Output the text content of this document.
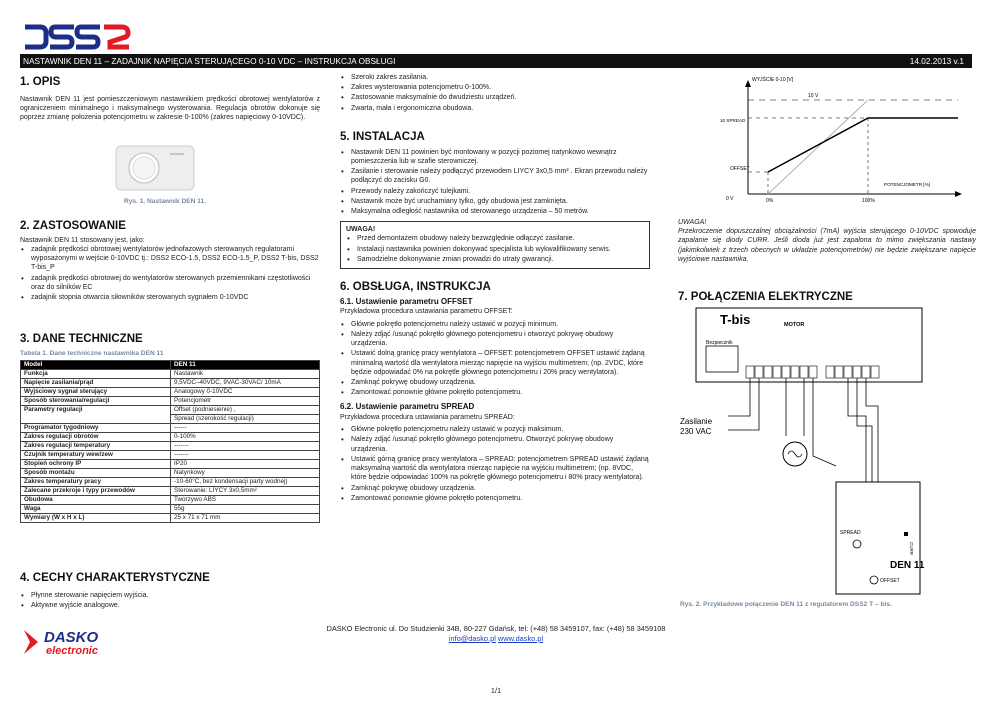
DSS2
NASTAWNIK DEN 11 – ZADAJNIK NAPIĘCIA STERUJĄCEGO 0-10 VDC – INSTRUKCJA OBSŁUGI	14.02.2013 v.1
1. OPIS

Nastawnik DEN 11 jest pomieszczeniowym nastawnikiem prędkości obrotowej wentylatorów z ograniczeniem minimalnego i maksymalnego wysterowania. Regulacja obrotów dokonuje się poprzez zmianę położenia potencjometru w zakresie 0-100% (zakres napięciowy 0-10VDC).

Rys. 1. Nastawnik DEN 11.
2. ZASTOSOWANIE

Nastawnik DEN 11 stosowany jest, jako:

• zadajnik prędkości obrotowej wentylatorów jednofazowych sterowanych regulatorami wyposażonymi w wejście 0-10VDC tj.: DSS2 ECO-1.5, DSS2 ECO-1.5_P, DSS2 T-bis, DSS2 T-bis_P
• zadajnik prędkości obrotowej do wentylatorów sterowanych przemiennikami częstotliwości oraz do silników EC
• zadajnik stopnia otwarcia siłowników sterowanych sygnałem 0-10VDC
3. DANE TECHNICZNE
Tabela 1. Dane techniczne nastawnika DEN 11
Model	DEN 11
Funkcja	Nastawnik
Napięcie zasilania/prąd	9,5VDC–40VDC, 9VAC-30VAC/ 10mA
Wyjściowy sygnał sterujący	Analogowy 0-10VDC
Sposób sterowania/regulacji	Potencjometr
Parametry regulacji	Offset (podniesienie) ,
	Spread (szerokość regulacji)
Programator tygodniowy	------
Zakres regulacji obrotów	0-100%
Zakres regulacji temperatury	-------
Czujnik temperatury wew/zew	-------
Stopień ochrony IP	IP20
Sposób montażu	Natynkowy
Zakres temperatury pracy	-10-60°C, bez kondensacji party wodnej)
Zalecane przekroje i typy przewodów	Sterowanie: LIYCY 3x0,5mm²
Obudowa	Tworzywo ABS
Waga	55g
Wymiary (W x H x L)	25 x 71 x 71 mm
4. CECHY CHARAKTERYSTYCZNE
• Płynne sterowanie napięciem wyjścia.
• Aktywne wyjście analogowe.
• Szeroki zakres zasilania.
• Zakres wysterowania potencjometru 0-100%.
• Zastosowanie maksymalnie do dwudziestu urządzeń.
• Zwarta, mała i ergonomiczna obudowa.
5. INSTALACJA
• Nastawnik DEN 11 powinien być montowany w pozycji poziomej natynkowo wewnątrz pomieszczenia lub w szafie sterowniczej.
• Zasilanie i sterowanie należy podłączyć przewodem LIYCY 3x0,5 mm² . Ekran przewodu należy podłączyć do zacisku G0.
• Przewody należy zakończyć tulejkami.
• Nastawnik może być uruchamiany tylko, gdy obudowa jest zamknięta.
• Maksymalna odległość nastawnika od sterowanego urządzenia – 50 metrów.
UWAGA!
• Przed demontażem obudowy należy bezwzględnie odłączyć zasilanie.
• Instalacji nastawnika powinien dokonywać specjalista lub wykwalifikowany serwis.
• Samodzielne dokonywanie zmian prowadzi do utraty gwarancji.
6. OBSŁUGA, INSTRUKCJA
6.1. Ustawienie parametru OFFSET

Przykładowa procedura ustawiania parametru OFFSET:

• Główne pokrętło potencjometru należy ustawić w pozycji minimum.
• Należy zdjąć /usunąć pokrętło głównego potencjometru i otworzyć pokrywę obudowy urządzenia.
• Ustawić dolną granicę pracy wentylatora – OFFSET: potencjometrem OFFSET ustawić żądaną minimalną wartość dla wentylatora mierząc napięcie na wyjściu multimetrem; (np. 2VDC, które będzie odpowiadać 0% na pokrętle głównego potencjometru i 20% pracy wentylatora).
• Zamknąć pokrywę obudowy urządzenia.
• Zamontować ponownie główne pokrętło potencjometru.
6.2. Ustawienie parametru SPREAD

Przykładowa procedura ustawiania parametru SPREAD:

• Główne pokrętło potencjometru należy ustawić w pozycji maksimum.
• Należy zdjąć /usunąć pokrętło głównego potencjometru. Otworzyć pokrywę obudowy urządzenia.
• Ustawić górną granicę pracy wentylatora – SPREAD: potencjometrem SPREAD ustawić żądaną maksymalną wartość dla wentylatora mierząc napięcie na wyjściu multimetrem; (np. 8VDC, które będzie odpowiadać 100% na pokrętle głównego potencjometru i 80% pracy wentylatora).
• Zamknąć pokrywę obudowy urządzenia.
• Zamontować ponownie główne pokrętło potencjometru.
WYJŚCIE 0-10 [V]
10 V
10 SPREAD
OFFSET
0 V	0%	100%
POTENCJOMETR [%]
UWAGA!

Przekroczenie dopuszczalnej obciążalności (7mA) wyjścia sterującego 0-10VDC spowoduje zapalanie się diody CURR. Jeśli dioda już jest zapalona to mimo zwiększania nastawy (jakimkolwiek z trzech obecnych w układzie potencjometrów) nie będzie zwiększane napięcie wyjściowe nastawnika.

7. POŁĄCZENIA ELEKTRYCZNE
T-bis	MOTOR
Bezpiecznik
Zasilanie
230 VAC
DEN 11
SPREAD
OFFSET
CURR
Rys. 2. Przykładowe połączenie DEN 11 z regulatorem DSS2 T – bis.
DASKO
electronic
DASKO Electronic ul. Do Studzienki 34B, 80-227 Gdańsk, tel: (+48) 58 3459107, fax: (+48) 58 3459108
info@dasko.pl www.dasko.pl
1/1
